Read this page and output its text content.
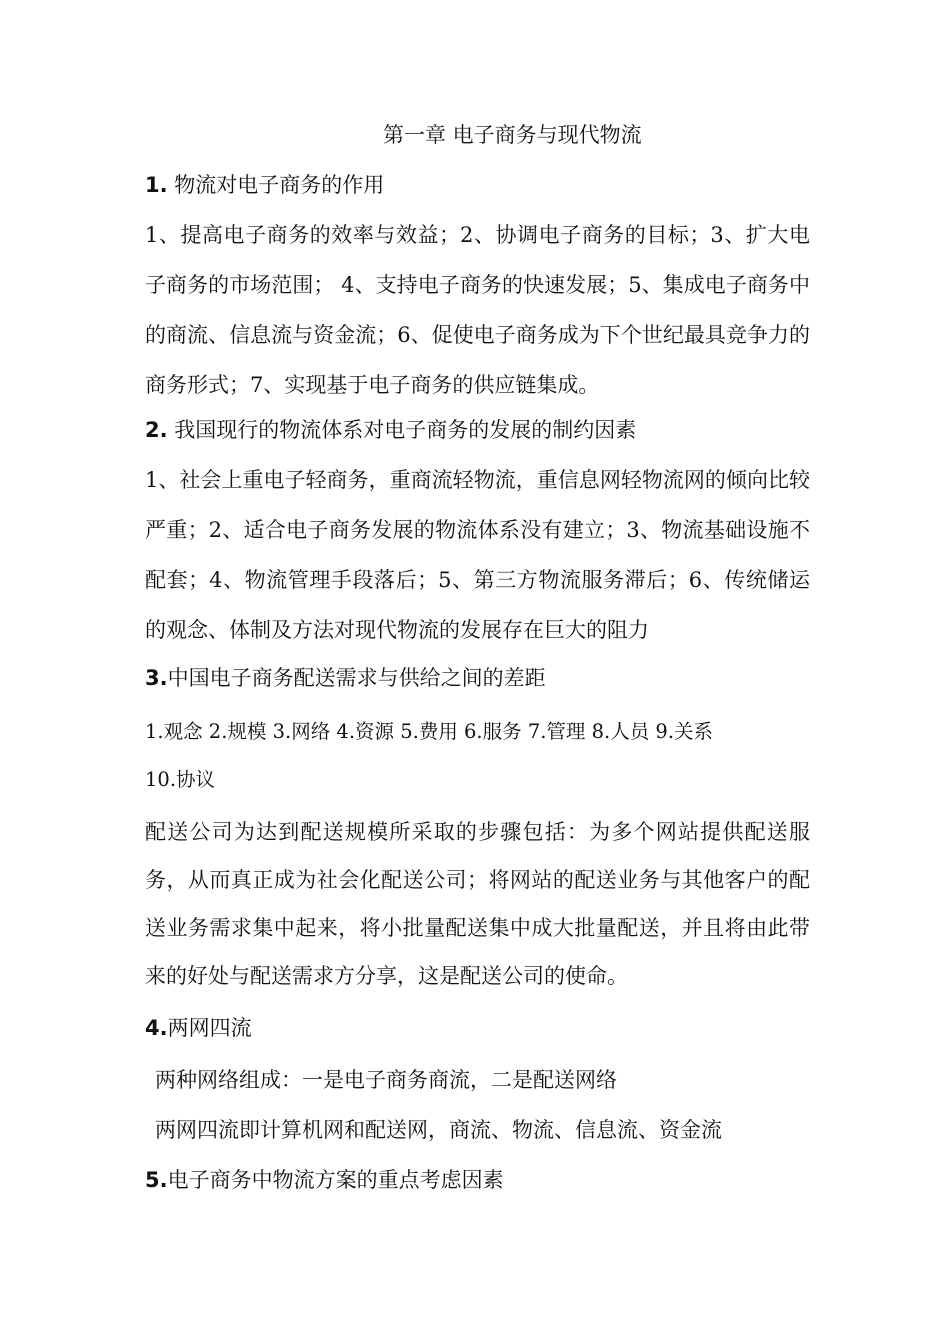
第一章 电子商务与现代物流
1. 物流对电子商务的作用

1、提高电子商务的效率与效益；2、协调电子商务的目标；3、扩大电子商务的市场范围； 4、支持电子商务的快速发展；5、集成电子商务中的商流、信息流与资金流；6、促使电子商务成为下个世纪最具竞争力的商务形式；7、实现基于电子商务的供应链集成。

2. 我国现行的物流体系对电子商务的发展的制约因素

1、社会上重电子轻商务，重商流轻物流，重信息网轻物流网的倾向比较严重；2、适合电子商务发展的物流体系没有建立；3、物流基础设施不配套；4、物流管理手段落后；5、第三方物流服务滞后；6、传统储运的观念、体制及方法对现代物流的发展存在巨大的阻力

3.中国电子商务配送需求与供给之间的差距
1.观念 2.规模 3.网络 4.资源 5.费用 6.服务 7.管理 8.人员 9.关系
10.协议

配送公司为达到配送规模所采取的步骤包括：为多个网站提供配送服务，从而真正成为社会化配送公司；将网站的配送业务与其他客户的配送业务需求集中起来，将小批量配送集中成大批量配送，并且将由此带来的好处与配送需求方分享，这是配送公司的使命。

4.两网四流
两种网络组成：一是电子商务商流，二是配送网络
两网四流即计算机网和配送网，商流、物流、信息流、资金流
5.电子商务中物流方案的重点考虑因素
